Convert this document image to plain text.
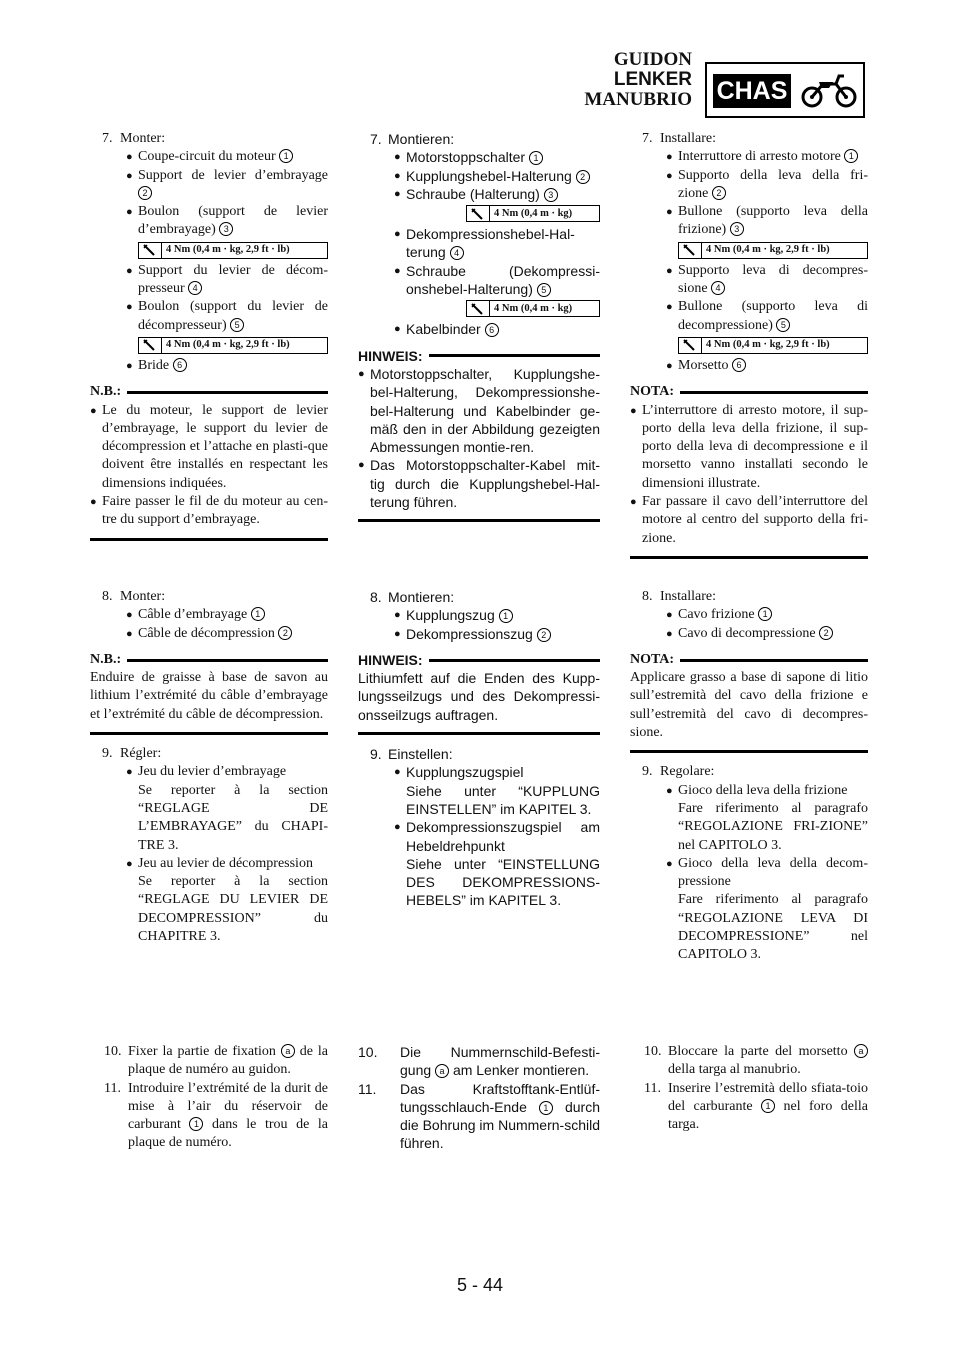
GUIDON
LENKER
MANUBRIO CHAS
7. Monter:
● Coupe-circuit du moteur 1
● Support de levier d’embrayage 2
● Boulon (support de levier d’embrayage) 3
4 Nm (0,4 m · kg, 2,9 ft · lb)
● Support du levier de décom-presseur 4
● Boulon (support du levier de décompresseur) 5
4 Nm (0,4 m · kg, 2,9 ft · lb)
● Bride 6
N.B.:
● Le du moteur, le support de levier d’embrayage, le support du levier de décompression et l’attache en plasti-que doivent être installés en respectant les dimensions indiquées.
● Faire passer le fil de du moteur au cen-tre du support d’embrayage.
8. Monter:
● Câble d’embrayage 1
● Câble de décompression 2
N.B.:
Enduire de graisse à base de savon au lithium l’extrémité du câble d’embrayage et l’extrémité du câble de décompression.
9. Régler:
● Jeu du levier d’embrayage
Se reporter à la section “REGLAGE DE L’EMBRAYAGE” du CHAPI-TRE 3.
● Jeu au levier de décompression
Se reporter à la section “REGLAGE DU LEVIER DE DECOMPRESSION” du CHAPITRE 3.
10. Fixer la partie de fixation a de la plaque de numéro au guidon.
11. Introduire l’extrémité de la durit de mise à l’air du réservoir de carburant 1 dans le trou de la plaque de numéro.
7. Montieren:
● Motorstoppschalter 1
● Kupplungshebel-Halterung 2
● Schraube (Halterung) 3
4 Nm (0,4 m · kg)
● Dekompressionshebel-Hal-terung 4
● Schraube (Dekompressi-onshebel-Halterung) 5
4 Nm (0,4 m · kg)
● Kabelbinder 6
HINWEIS:
● Motorstoppschalter, Kupplungshe-bel-Halterung, Dekompressionshe-bel-Halterung und Kabelbinder ge-mäß den in der Abbildung gezeigten Abmessungen montie-ren.
● Das Motorstoppschalter-Kabel mit-tig durch die Kupplungshebel-Hal-terung führen.
8. Montieren:
● Kupplungszug 1
● Dekompressionszug 2
HINWEIS:
Lithiumfett auf die Enden des Kupp-lungsseilzugs und des Dekompressi-onsseilzugs auftragen.
9. Einstellen:
● Kupplungszugspiel
Siehe unter “KUPPLUNG EINSTELLEN” im KAPITEL 3.
● Dekompressionszugspiel am Hebeldrehpunkt
Siehe unter “EINSTELLUNG DES DEKOMPRESSIONS-HEBELS” im KAPITEL 3.
10. Die Nummernschild-Befesti-gung a am Lenker montieren.
11. Das Kraftstofftank-Entlüf-tungsschlauch-Ende 1 durch die Bohrung im Nummern-schild führen.
7. Installare:
● Interruttore di arresto motore 1
● Supporto della leva della fri-zione 2
● Bullone (supporto leva della frizione) 3
4 Nm (0,4 m · kg, 2,9 ft · lb)
● Supporto leva di decompres-sione 4
● Bullone (supporto leva di decompressione) 5
4 Nm (0,4 m · kg, 2,9 ft · lb)
● Morsetto 6
NOTA:
● L’interruttore di arresto motore, il sup-porto della leva della frizione, il sup-porto della leva di decompressione e il morsetto vanno installati secondo le dimensioni illustrate.
● Far passare il cavo dell’interruttore del motore al centro del supporto della fri-zione.
8. Installare:
● Cavo frizione 1
● Cavo di decompressione 2
NOTA:
Applicare grasso a base di sapone di litio sull’estremità del cavo della frizione e sull’estremità del cavo di decompres-sione.
9. Regolare:
● Gioco della leva della frizione
Fare riferimento al paragrafo “REGOLAZIONE FRI-ZIONE” nel CAPITOLO 3.
● Gioco della leva della decom-pressione
Fare riferimento al paragrafo “REGOLAZIONE LEVA DI DECOMPRESSIONE” nel CAPITOLO 3.
10. Bloccare la parte del morsetto a della targa al manubrio.
11. Inserire l’estremità dello sfiata-toio del carburante 1 nel foro della targa.
5 - 44
